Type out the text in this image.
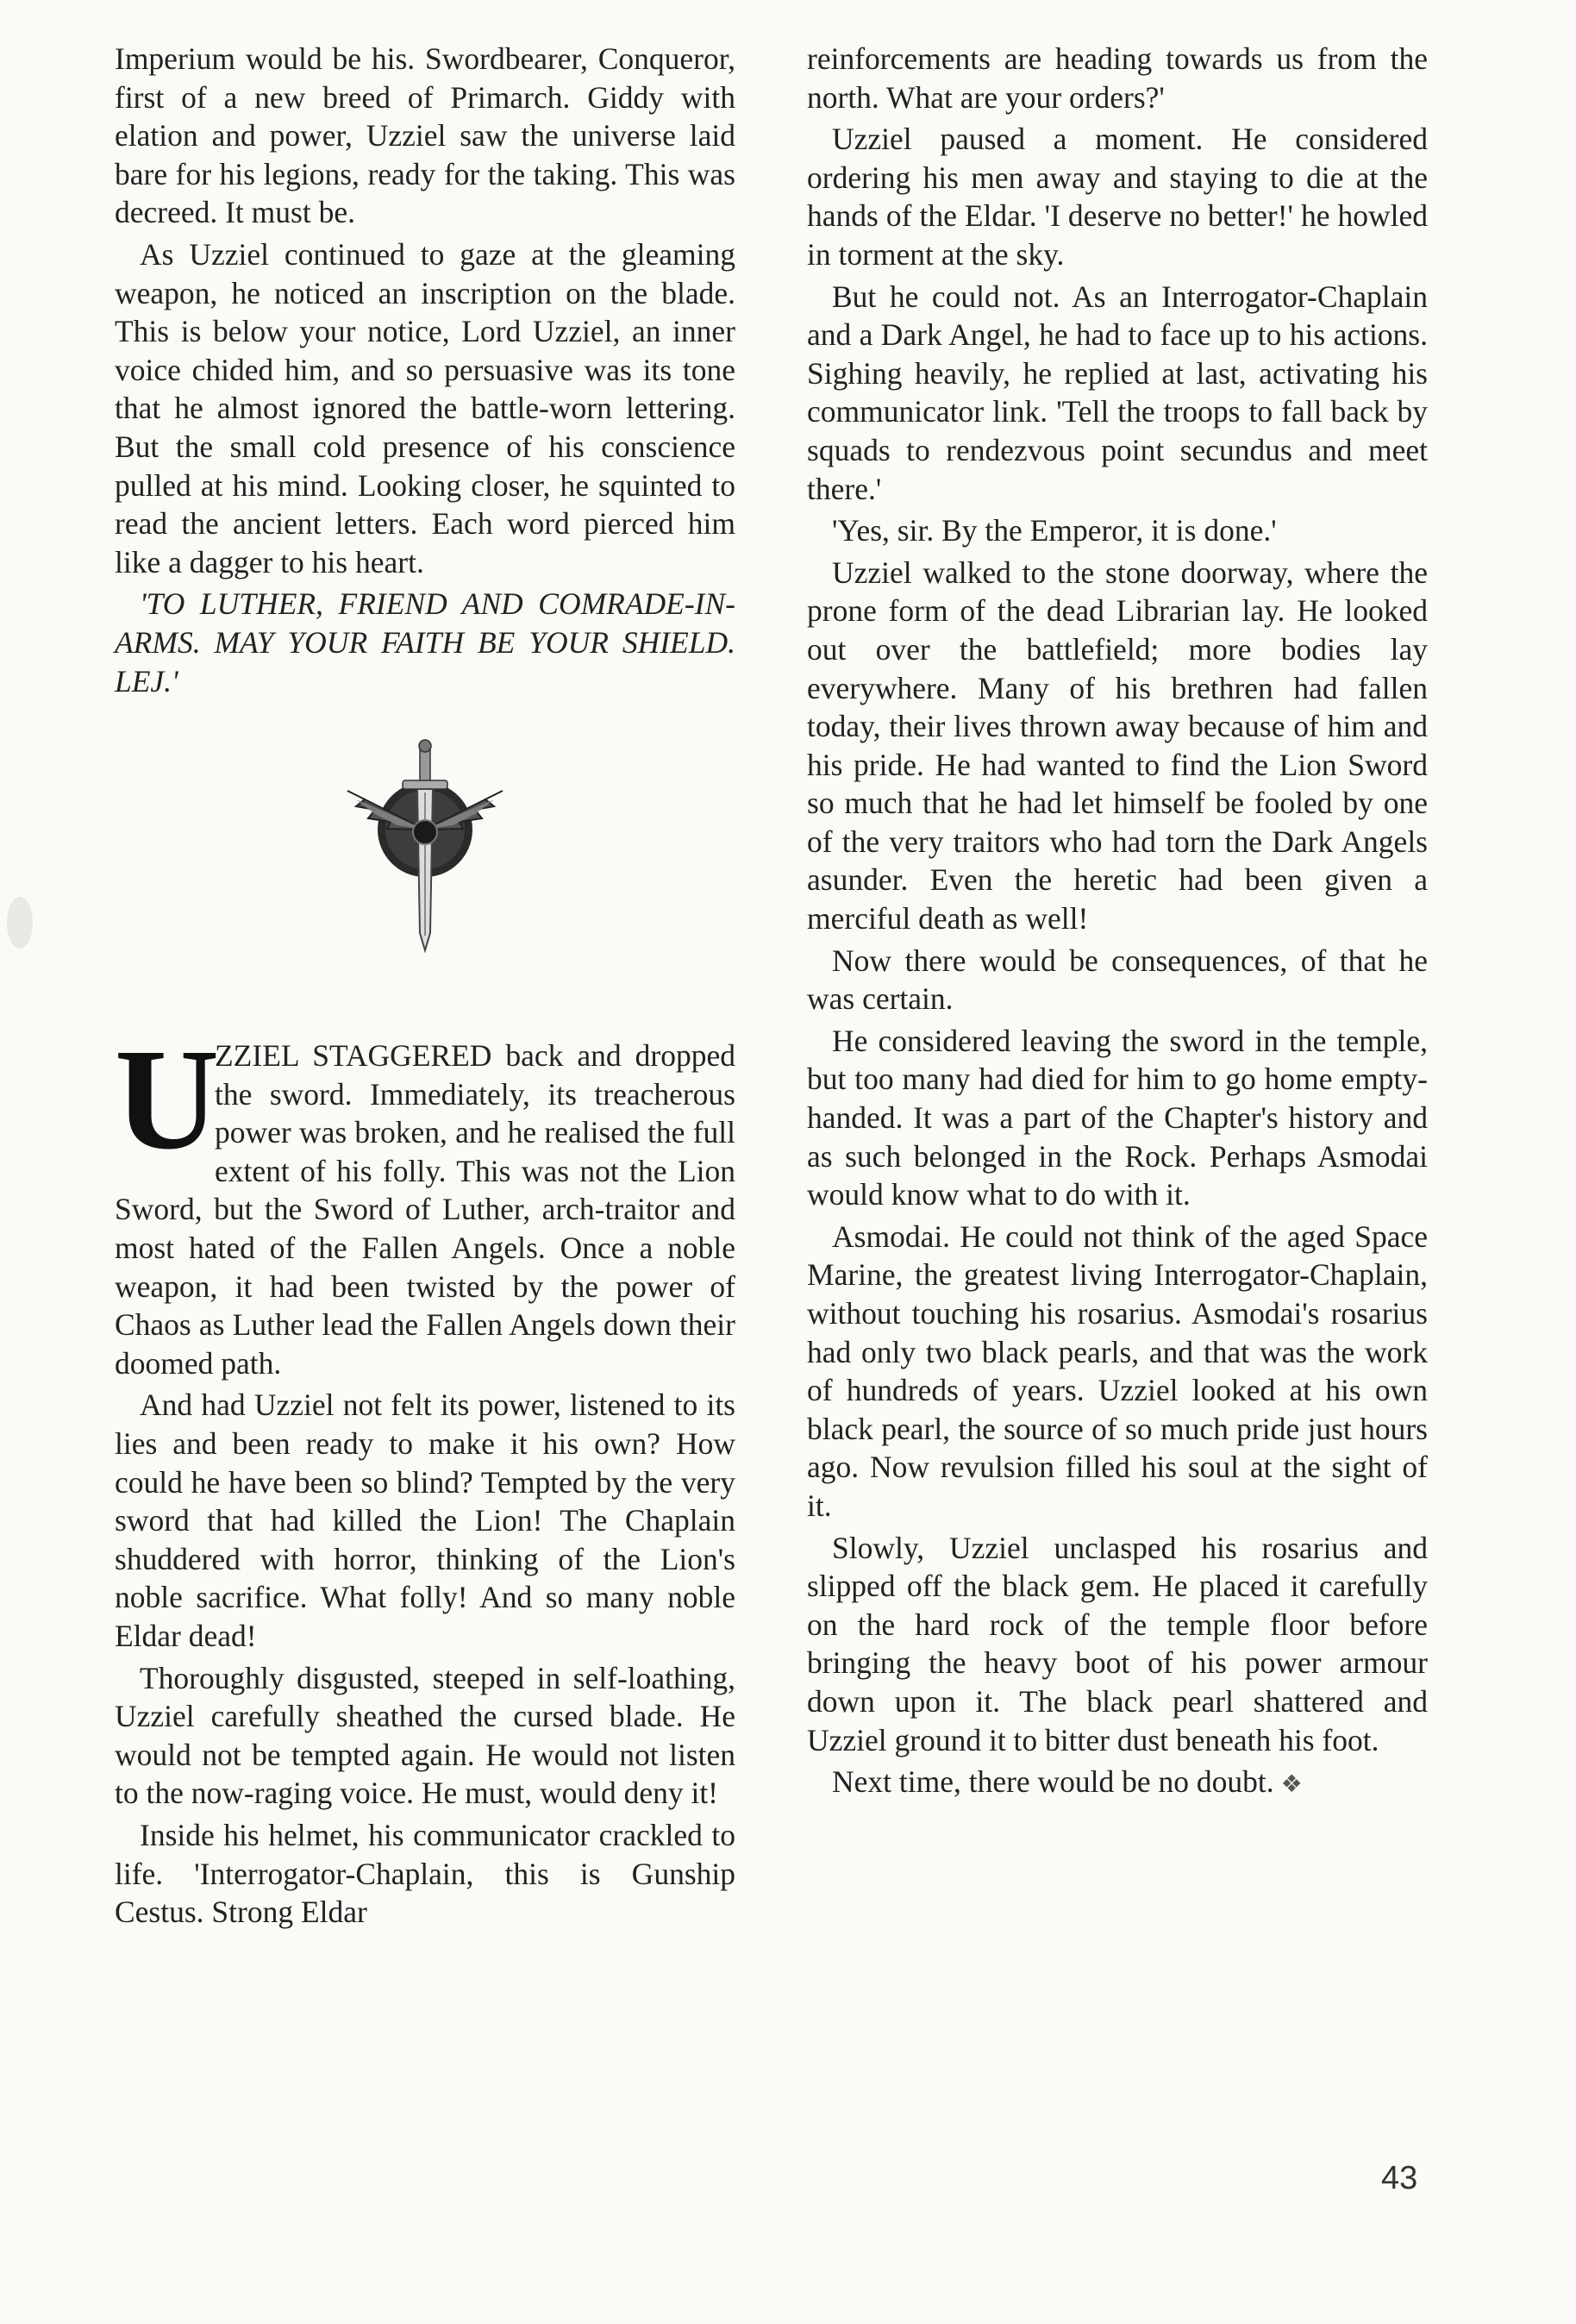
Imperium would be his. Swordbearer, Conqueror, first of a new breed of Primarch. Giddy with elation and power, Uzziel saw the universe laid bare for his legions, ready for the taking. This was decreed. It must be.

As Uzziel continued to gaze at the gleaming weapon, he noticed an inscription on the blade. This is below your notice, Lord Uzziel, an inner voice chided him, and so persuasive was its tone that he almost ignored the battle-worn lettering. But the small cold presence of his conscience pulled at his mind. Looking closer, he squinted to read the ancient letters. Each word pierced him like a dagger to his heart.

'TO LUTHER, FRIEND AND COMRADE-IN-ARMS. MAY YOUR FAITH BE YOUR SHIELD. LEJ.'

U

ZZIEL STAGGERED back and dropped the sword. Immediately, its treacherous power was broken, and he realised the full extent of his folly. This was not the Lion Sword, but the Sword of Luther, arch-traitor and most hated of the Fallen Angels. Once a noble weapon, it had been twisted by the power of Chaos as Luther lead the Fallen Angels down their doomed path.

And had Uzziel not felt its power, listened to its lies and been ready to make it his own? How could he have been so blind? Tempted by the very sword that had killed the Lion! The Chaplain shuddered with horror, thinking of the Lion's noble sacrifice. What folly! And so many noble Eldar dead!

Thoroughly disgusted, steeped in self-loathing, Uzziel carefully sheathed the cursed blade. He would not be tempted again. He would not listen to the now-raging voice. He must, would deny it!

Inside his helmet, his communicator crackled to life. 'Interrogator-Chaplain, this is Gunship Cestus. Strong Eldar

reinforcements are heading towards us from the north. What are your orders?'

Uzziel paused a moment. He considered ordering his men away and staying to die at the hands of the Eldar. 'I deserve no better!' he howled in torment at the sky.

But he could not. As an Interrogator-Chaplain and a Dark Angel, he had to face up to his actions. Sighing heavily, he replied at last, activating his communicator link. 'Tell the troops to fall back by squads to rendezvous point secundus and meet there.'

'Yes, sir. By the Emperor, it is done.'

Uzziel walked to the stone doorway, where the prone form of the dead Librarian lay. He looked out over the battlefield; more bodies lay everywhere. Many of his brethren had fallen today, their lives thrown away because of him and his pride. He had wanted to find the Lion Sword so much that he had let himself be fooled by one of the very traitors who had torn the Dark Angels asunder. Even the heretic had been given a merciful death as well!

Now there would be consequences, of that he was certain.

He considered leaving the sword in the temple, but too many had died for him to go home empty-handed. It was a part of the Chapter's history and as such belonged in the Rock. Perhaps Asmodai would know what to do with it.

Asmodai. He could not think of the aged Space Marine, the greatest living Interrogator-Chaplain, without touching his rosarius. Asmodai's rosarius had only two black pearls, and that was the work of hundreds of years. Uzziel looked at his own black pearl, the source of so much pride just hours ago. Now revulsion filled his soul at the sight of it.

Slowly, Uzziel unclasped his rosarius and slipped off the black gem. He placed it carefully on the hard rock of the temple floor before bringing the heavy boot of his power armour down upon it. The black pearl shattered and Uzziel ground it to bitter dust beneath his foot.

Next time, there would be no doubt. ❖

43
